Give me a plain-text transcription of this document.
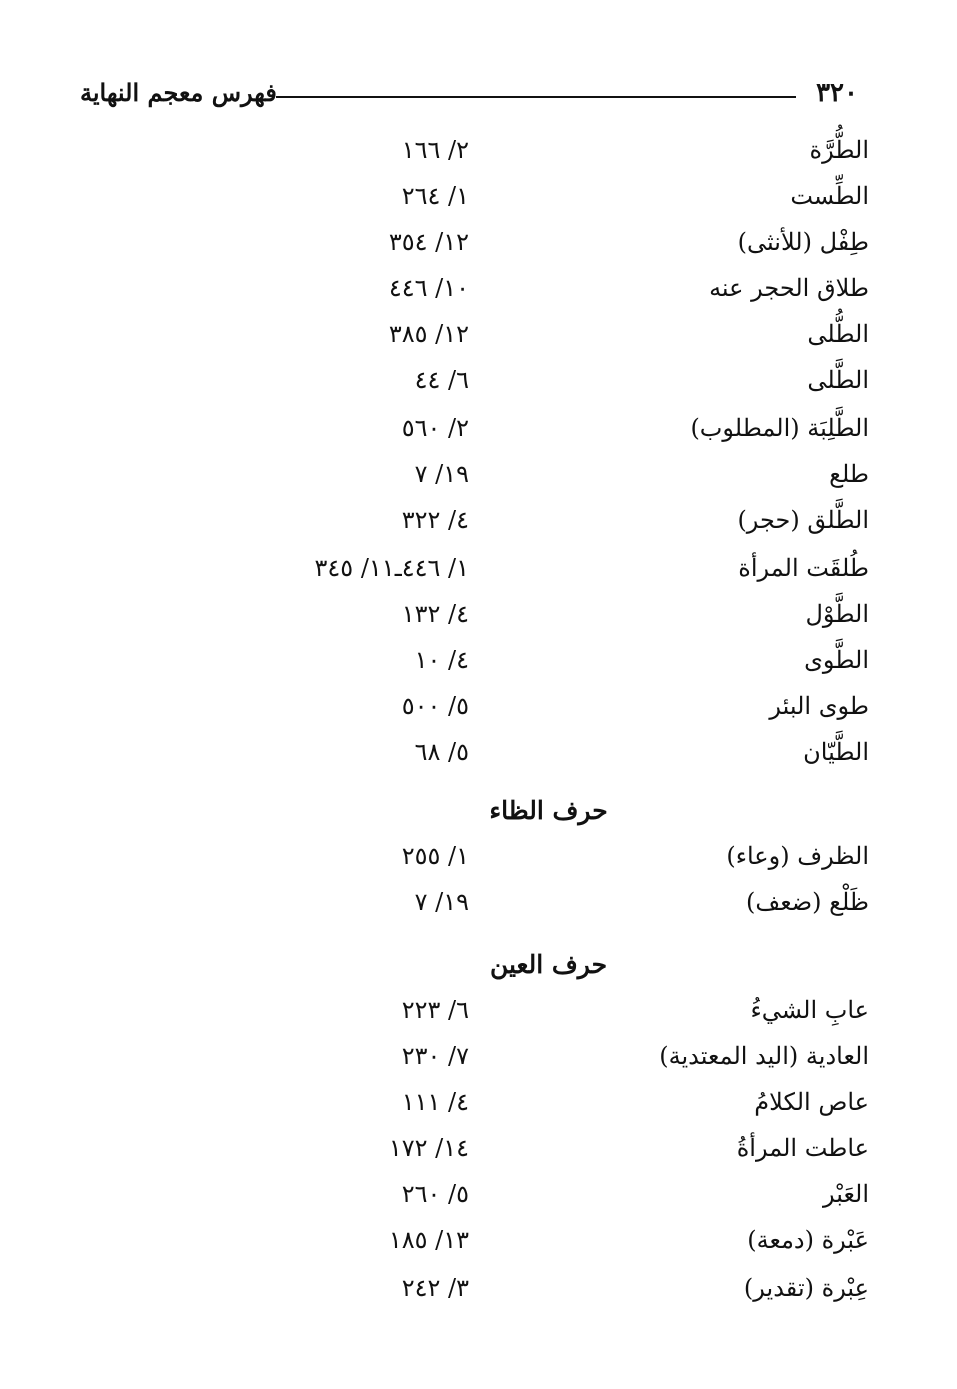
٣٢٠
فهرس معجم النهاية
الطُّرَّة
٢/ ١٦٦
الطِّست
١/ ٢٦٤
طِفْل (للأنثى)
١٢/ ٣٥٤
طلاق الحجر عنه
١٠/ ٤٤٦
الطُّلى
١٢/ ٣٨٥
الطَّلى
٦/ ٤٤
الطَّلِبَة (المطلوب)
٢/ ٥٦٠
طلع
١٩/ ٧
الطَّلق (حجر)
٤/ ٣٢٢
طُلقَت المرأة
١/ ٤٤٦ـ١١/ ٣٤٥
الطَّوْل
٤/ ١٣٢
الطَّوى
٤/ ١٠
طوى البئر
٥/ ٥٠٠
الطَّيّان
٥/ ٦٨
حرف الظاء
الظرف (وعاء)
١/ ٢٥٥
ظَلْع (ضعف)
١٩/ ٧
حرف العين
عابِ الشيءُ
٦/ ٢٢٣
العادية (اليد المعتدية)
٧/ ٢٣٠
عاص الكلامُ
٤/ ١١١
عاطت المرأةُ
١٤/ ١٧٢
العَبْر
٥/ ٢٦٠
عَبْرة (دمعة)
١٣/ ١٨٥
عِبْرة (تقدير)
٣/ ٢٤٢
